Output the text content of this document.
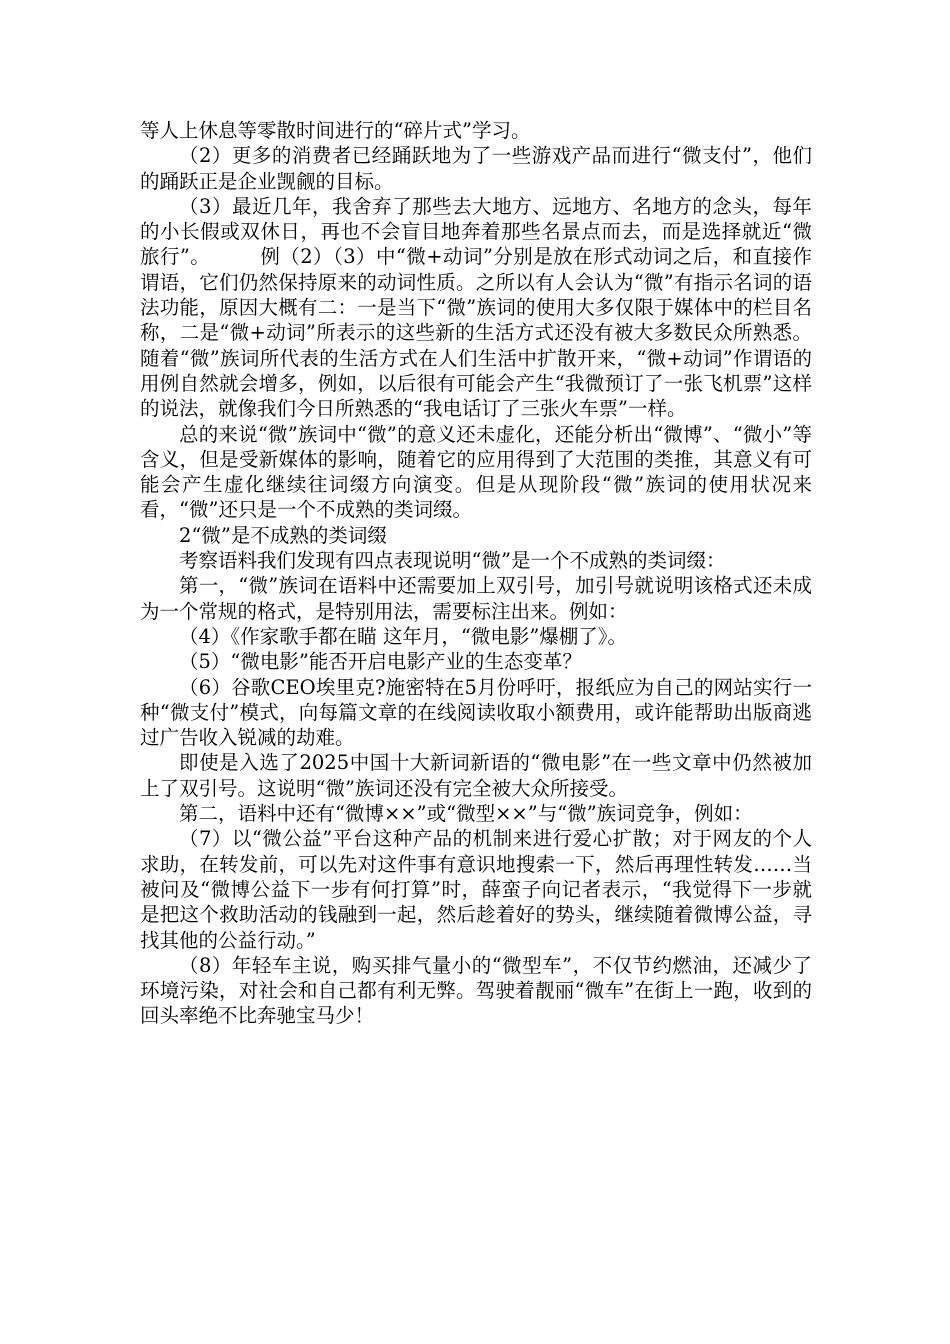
等人上休息等零散时间进行的“碎片式”学习。

（2）更多的消费者已经踊跃地为了一些游戏产品而进行“微支付”，他们的踊跃正是企业觊觎的目标。

（3）最近几年，我舍弃了那些去大地方、远地方、名地方的念头，每年的小长假或双休日，再也不会盲目地奔着那些名景点而去，而是选择就近“微旅行”。　　　例（2）（3）中“微+动词”分别是放在形式动词之后，和直接作谓语，它们仍然保持原来的动词性质。之所以有人会认为“微”有指示名词的语法功能，原因大概有二：一是当下“微”族词的使用大多仅限于媒体中的栏目名称，二是“微+动词”所表示的这些新的生活方式还没有被大多数民众所熟悉。随着“微”族词所代表的生活方式在人们生活中扩散开来，“微+动词”作谓语的用例自然就会增多，例如，以后很有可能会产生“我微预订了一张飞机票”这样的说法，就像我们今日所熟悉的“我电话订了三张火车票”一样。

总的来说“微”族词中“微”的意义还未虚化，还能分析出“微博”、“微小”等含义，但是受新媒体的影响，随着它的应用得到了大范围的类推，其意义有可能会产生虚化继续往词缀方向演变。但是从现阶段“微”族词的使用状况来看，“微”还只是一个不成熟的类词缀。

2“微”是不成熟的类词缀

考察语料我们发现有四点表现说明“微”是一个不成熟的类词缀：

第一，“微”族词在语料中还需要加上双引号，加引号就说明该格式还未成为一个常规的格式，是特别用法，需要标注出来。例如：

（4）《作家歌手都在瞄 这年月，“微电影”爆棚了》。

（5）“微电影”能否开启电影产业的生态变革？

（6）谷歌CEO埃里克?施密特在5月份呼吁，报纸应为自己的网站实行一种“微支付”模式，向每篇文章的在线阅读收取小额费用，或许能帮助出版商逃过广告收入锐减的劫难。

即使是入选了2025中国十大新词新语的“微电影”在一些文章中仍然被加上了双引号。这说明“微”族词还没有完全被大众所接受。

第二，语料中还有“微博××”或“微型××”与“微”族词竞争，例如：

（7）以“微公益”平台这种产品的机制来进行爱心扩散；对于网友的个人求助，在转发前，可以先对这件事有意识地搜索一下，然后再理性转发……当被问及“微博公益下一步有何打算”时，薛蛮子向记者表示，“我觉得下一步就是把这个救助活动的钱融到一起，然后趁着好的势头，继续随着微博公益，寻找其他的公益行动。”

（8）年轻车主说，购买排气量小的“微型车”，不仅节约燃油，还减少了环境污染，对社会和自己都有利无弊。驾驶着靓丽“微车”在街上一跑，收到的回头率绝不比奔驰宝马少！
